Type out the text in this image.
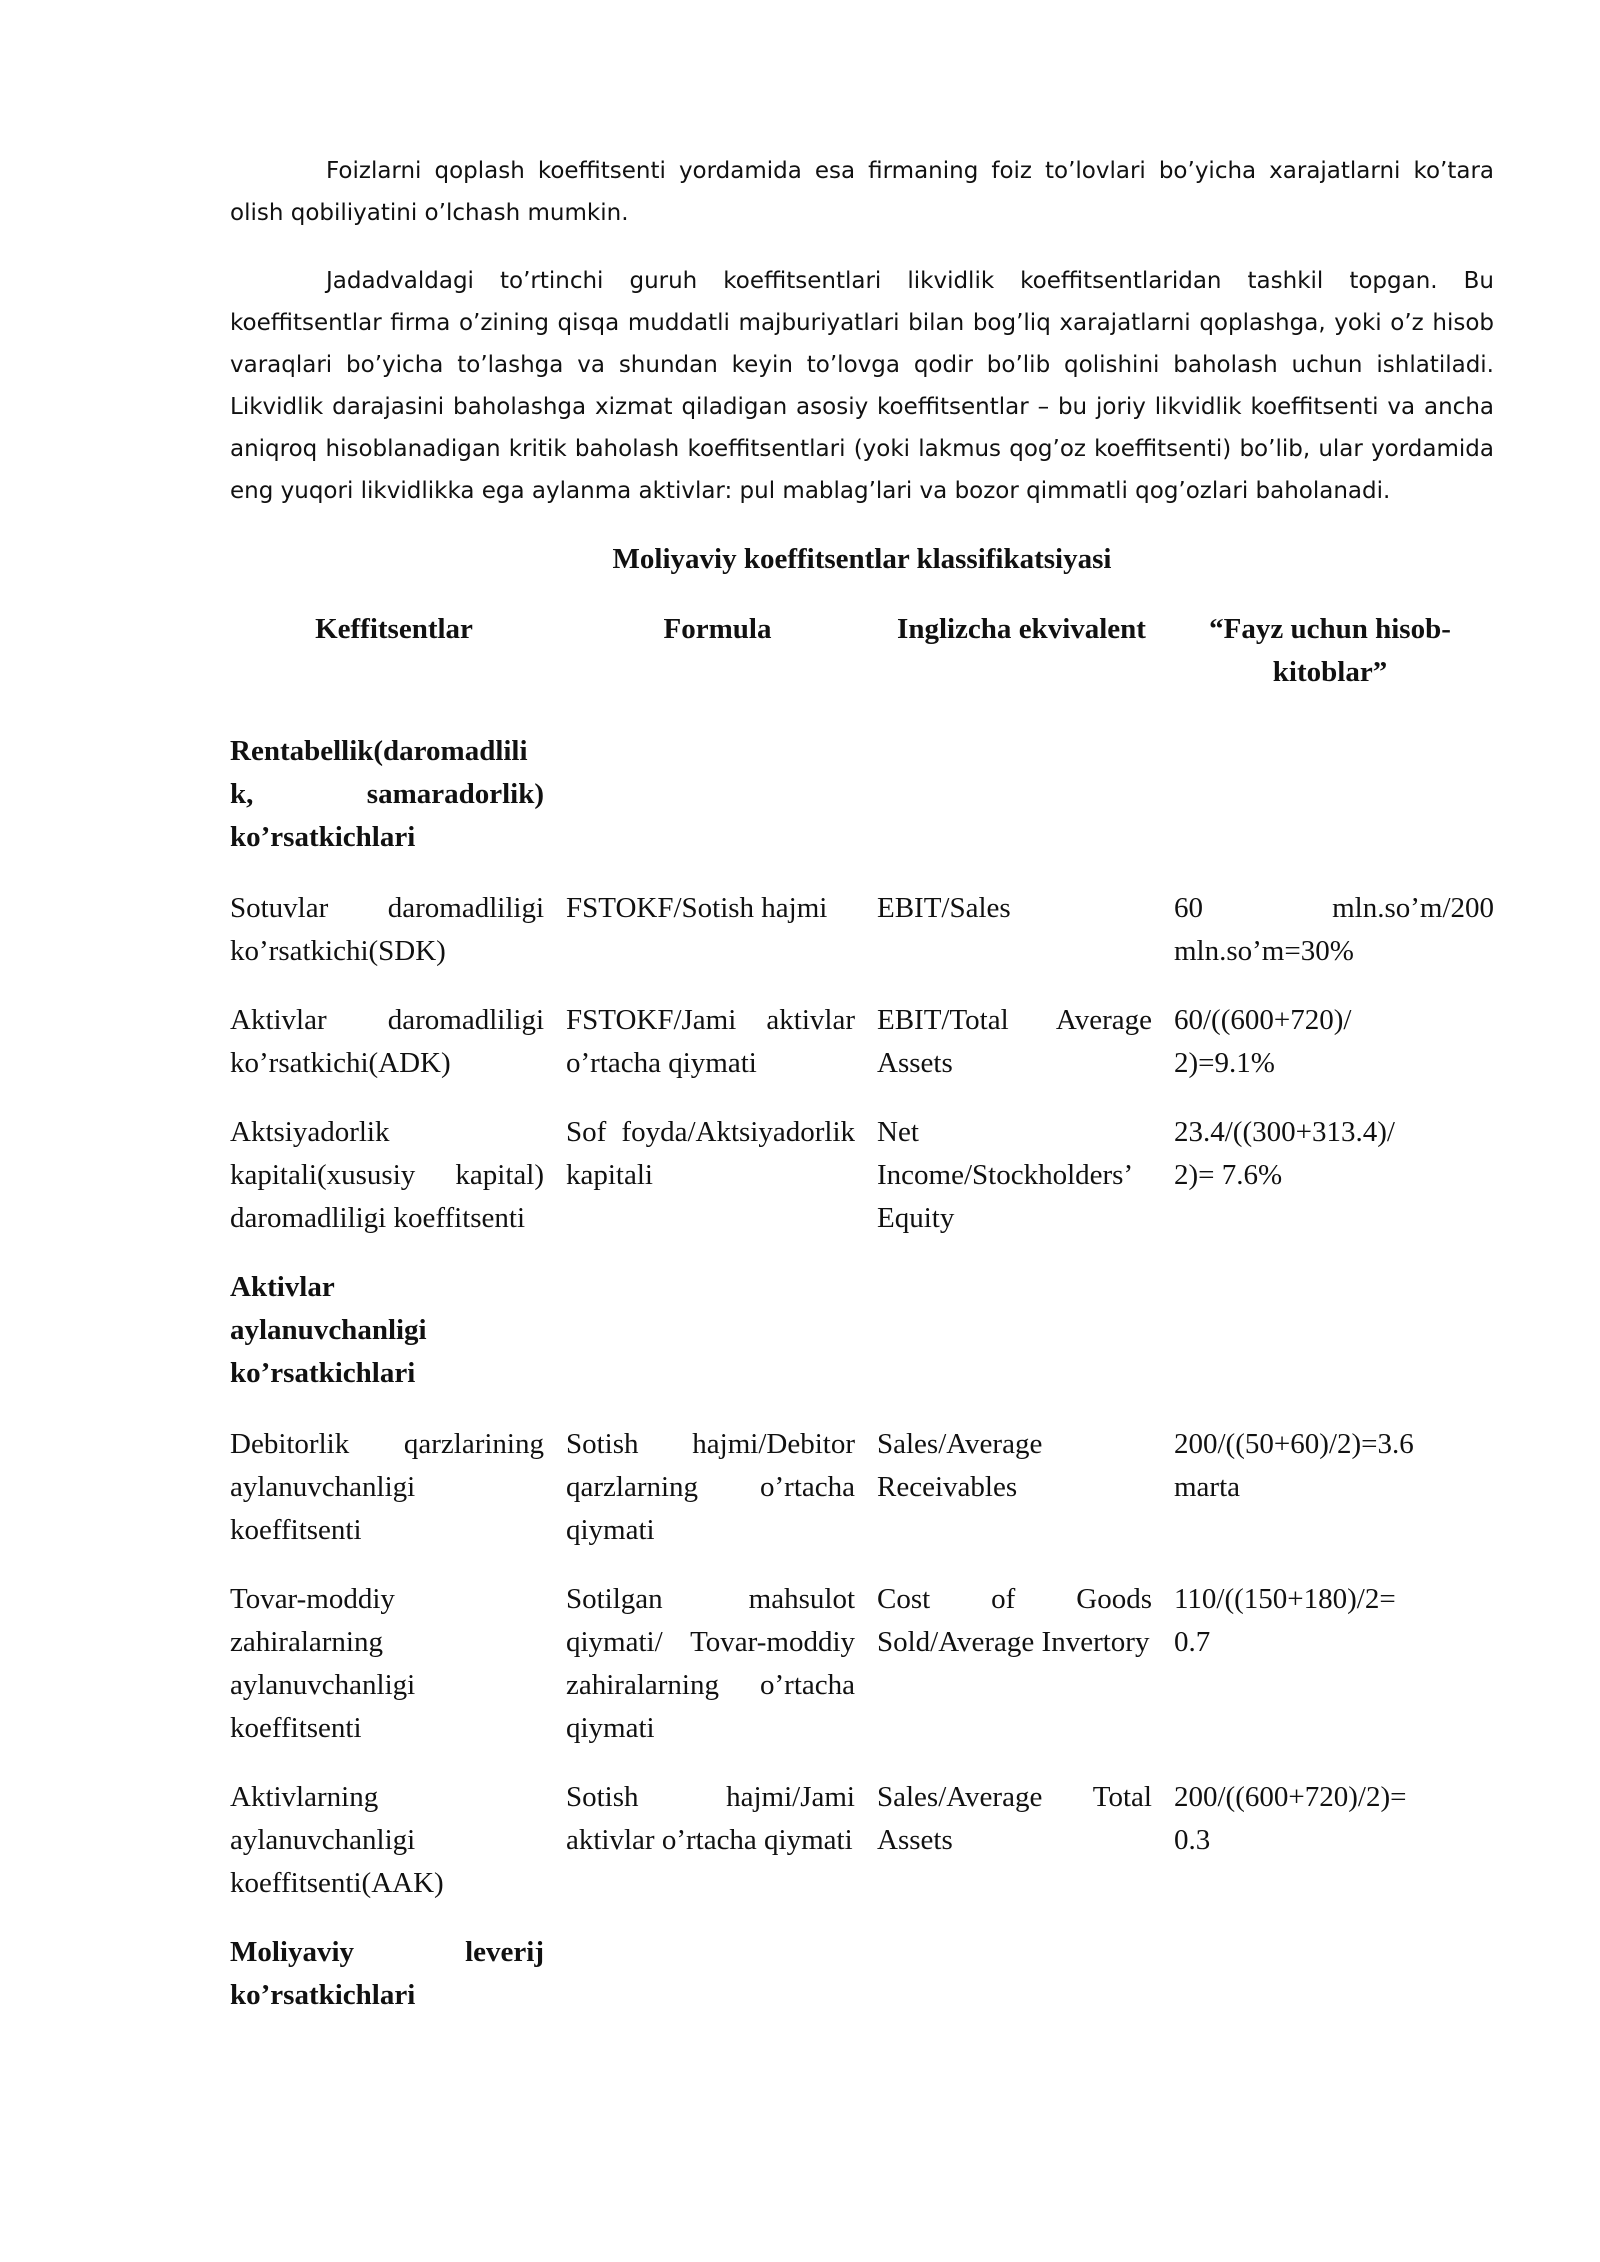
Foizlarni qoplash koeffitsenti yordamida esa firmaning foiz to’lovlari bo’yicha xarajatlarni ko’tara olish qobiliyatini o’lchash mumkin.

Jadadvaldagi to’rtinchi guruh koeffitsentlari likvidlik koeffitsentlaridan tashkil topgan. Bu koeffitsentlar firma o’zining qisqa muddatli majburiyatlari bilan bog’liq xarajatlarni qoplashga, yoki o’z hisob varaqlari bo’yicha to’lashga va shundan keyin to’lovga qodir bo’lib qolishini baholash uchun ishlatiladi. Likvidlik darajasini baholashga xizmat qiladigan asosiy koeffitsentlar – bu joriy likvidlik koeffitsenti va ancha aniqroq hisoblanadigan kritik baholash koeffitsentlari (yoki lakmus qog’oz koeffitsenti) bo’lib, ular yordamida eng yuqori likvidlikka ega aylanma aktivlar: pul mablag’lari va bozor qimmatli qog’ozlari baholanadi.

Moliyaviy koeffitsentlar klassifikatsiyasi
Keffitsentlar	Formula	Inglizcha ekvivalent	“Fayz uchun hisob- kitoblar”

Rentabellik(daromadlili
k, samaradorlik)
ko’rsatkichlari			

Sotuvlar daromadliligi ko’rsatkichi(SDK)	FSTOKF/Sotish hajmi	EBIT/Sales	60 mln.so’m/200
mln.so’m=30%

Aktivlar daromadliligi ko’rsatkichi(ADK)	FSTOKF/Jami aktivlar o’rtacha qiymati	EBIT/Total Average Assets	60/((600+720)/
2)=9.1%

Aktsiyadorlik
kapitali(xususiy kapital)
daromadliligi koeffitsenti	Sof foyda/Aktsiyadorlik kapitali	Net Income/Stockholders’ Equity	23.4/((300+313.4)/
2)= 7.6%

Aktivlar
aylanuvchanligi
ko’rsatkichlari			

Debitorlik qarzlarining aylanuvchanligi koeffitsenti	Sotish hajmi/Debitor qarzlarning o’rtacha qiymati	Sales/Average
Receivables	200/((50+60)/2)=3.6
marta

Tovar-moddiy
zahiralarning
aylanuvchanligi
koeffitsenti	Sotilgan mahsulot qiymati/ Tovar-moddiy zahiralarning o’rtacha qiymati	Cost of Goods Sold/Average Invertory	110/((150+180)/2=
0.7

Aktivlarning
aylanuvchanligi
koeffitsenti(AAK)	Sotish hajmi/Jami aktivlar o’rtacha qiymati	Sales/Average Total Assets	200/((600+720)/2)=
0.3

Moliyaviy leverij
ko’rsatkichlari			
